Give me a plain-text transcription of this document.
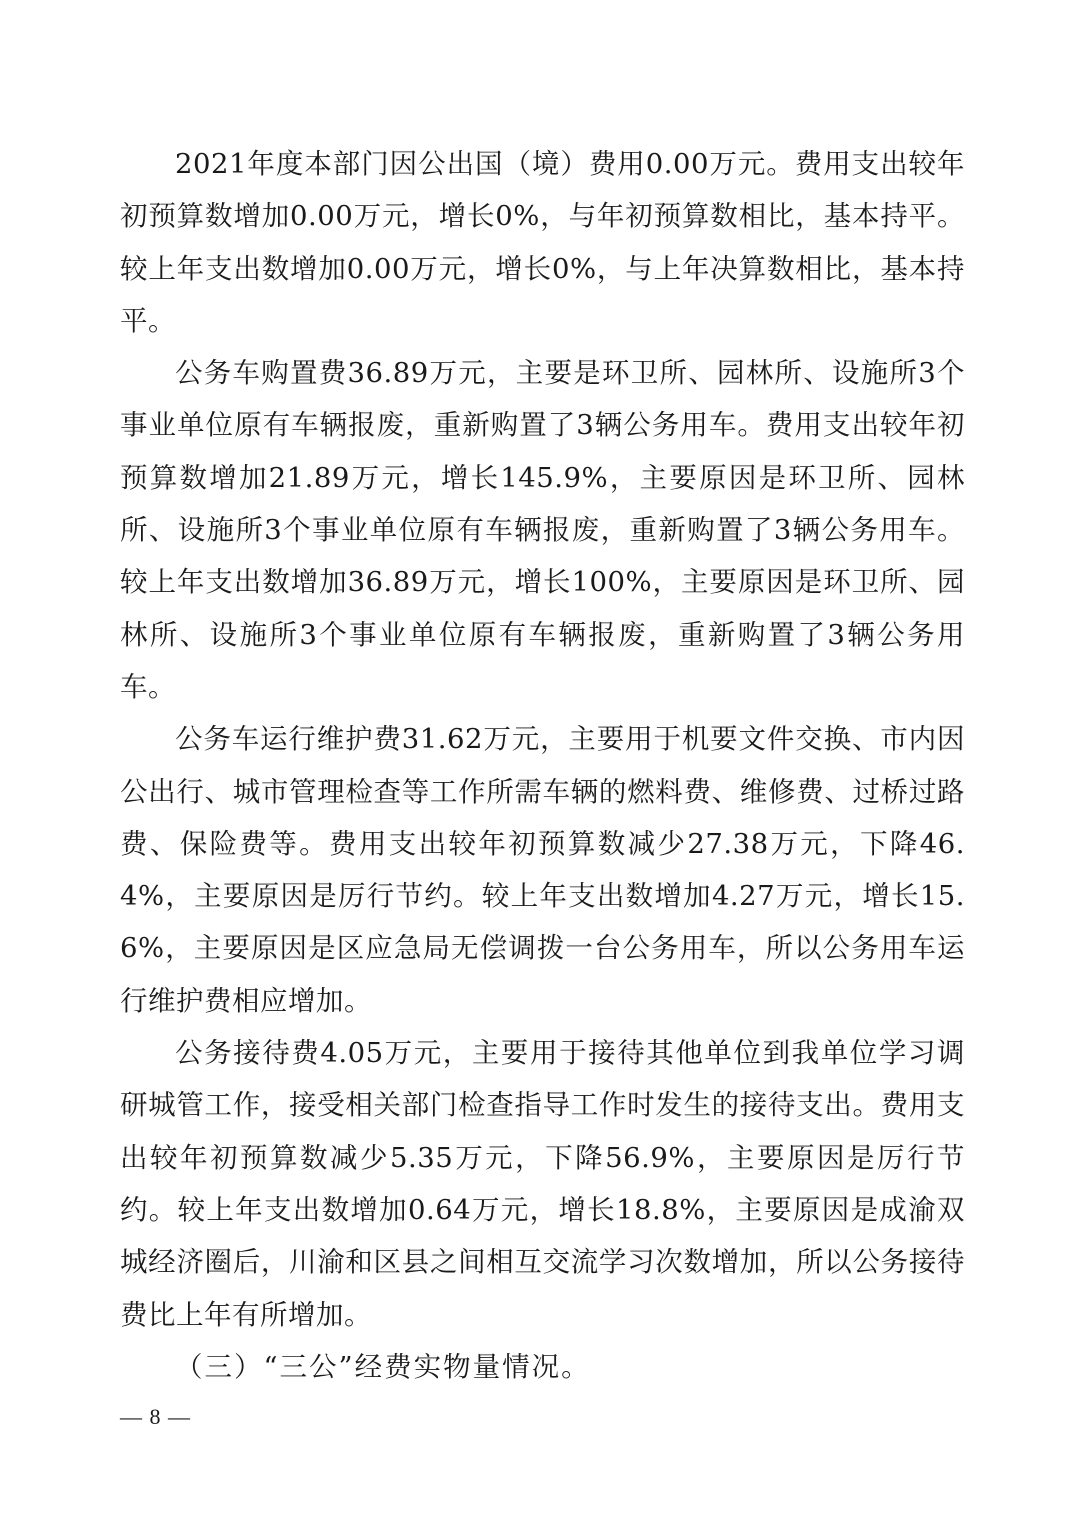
2021年度本部门因公出国（境）费用0.00万元。费用支出较年初预算数增加0.00万元，增长0%，与年初预算数相比，基本持平。较上年支出数增加0.00万元，增长0%，与上年决算数相比，基本持平。

公务车购置费36.89万元，主要是环卫所、园林所、设施所3个事业单位原有车辆报废，重新购置了3辆公务用车。费用支出较年初预算数增加21.89万元，增长145.9%，主要原因是环卫所、园林所、设施所3个事业单位原有车辆报废，重新购置了3辆公务用车。较上年支出数增加36.89万元，增长100%，主要原因是环卫所、园林所、设施所3个事业单位原有车辆报废，重新购置了3辆公务用车。

公务车运行维护费31.62万元，主要用于机要文件交换、市内因公出行、城市管理检查等工作所需车辆的燃料费、维修费、过桥过路费、保险费等。费用支出较年初预算数减少27.38万元，下降46.4%，主要原因是厉行节约。较上年支出数增加4.27万元，增长15.6%，主要原因是区应急局无偿调拨一台公务用车，所以公务用车运行维护费相应增加。

公务接待费4.05万元，主要用于接待其他单位到我单位学习调研城管工作，接受相关部门检查指导工作时发生的接待支出。费用支出较年初预算数减少5.35万元，下降56.9%，主要原因是厉行节约。较上年支出数增加0.64万元，增长18.8%，主要原因是成渝双城经济圈后，川渝和区县之间相互交流学习次数增加，所以公务接待费比上年有所增加。

（三）“三公”经费实物量情况。

— 8 —
